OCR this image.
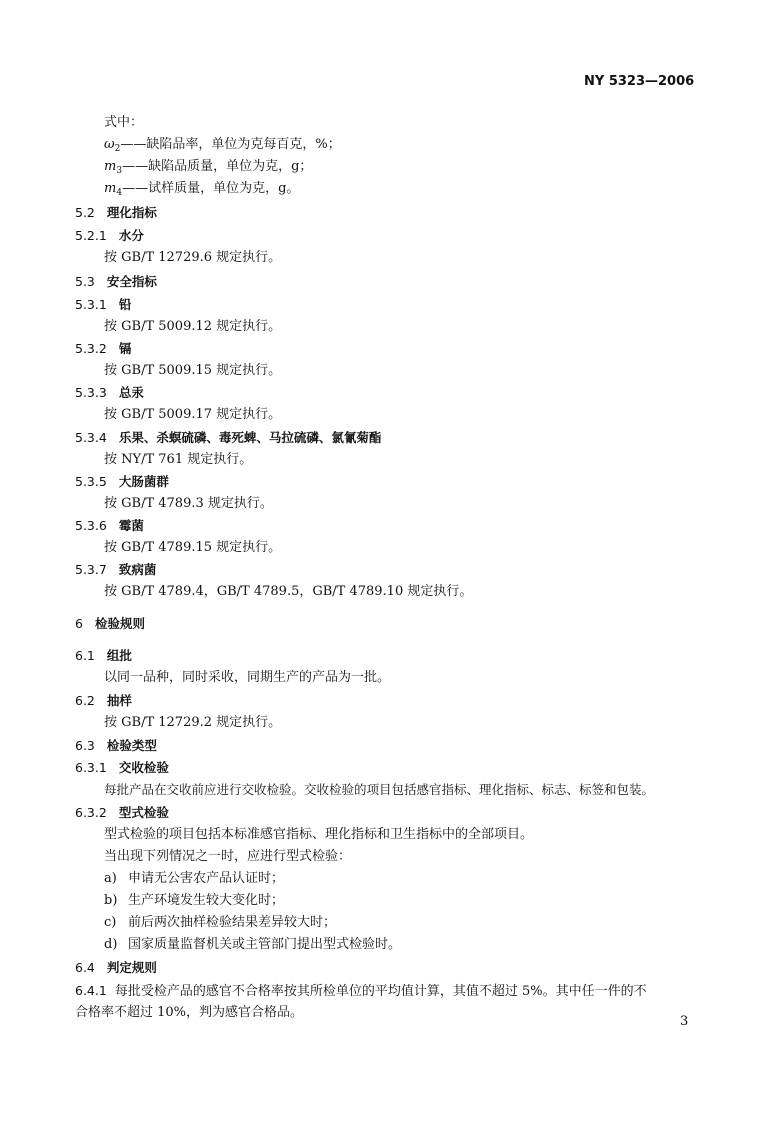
NY 5323—2006
式中：
$\omega_2——$缺陷品率，单位为克每百克，%；
$m_3——$缺陷品质量，单位为克，g；
$m_4——$试样质量，单位为克，g。
5.2 理化指标
5.2.1 水分
按 GB/T 12729.6 规定执行。
5.3 安全指标
5.3.1 铅
按 GB/T 5009.12 规定执行。
5.3.2 镉
按 GB/T 5009.15 规定执行。
5.3.3 总汞
按 GB/T 5009.17 规定执行。
5.3.4 乐果、杀螟硫磷、毒死蜱、马拉硫磷、氯氰菊酯
按 NY/T 761 规定执行。
5.3.5 大肠菌群
按 GB/T 4789.3 规定执行。
5.3.6 霉菌
按 GB/T 4789.15 规定执行。
5.3.7 致病菌
按 GB/T 4789.4，GB/T 4789.5，GB/T 4789.10 规定执行。
6 检验规则
6.1 组批
以同一品种，同时采收，同期生产的产品为一批。
6.2 抽样
按 GB/T 12729.2 规定执行。
6.3 检验类型
6.3.1 交收检验
每批产品在交收前应进行交收检验。交收检验的项目包括感官指标、理化指标、标志、标签和包装。
6.3.2 型式检验
型式检验的项目包括本标准感官指标、理化指标和卫生指标中的全部项目。
当出现下列情况之一时，应进行型式检验：
a) 申请无公害农产品认证时；
b) 生产环境发生较大变化时；
c) 前后两次抽样检验结果差异较大时；
d) 国家质量监督机关或主管部门提出型式检验时。
6.4 判定规则
6.4.1 每批受检产品的感官不合格率按其所检单位的平均值计算，其值不超过 5%。其中任一件的不
合格率不超过 10%，判为感官合格品。
3
